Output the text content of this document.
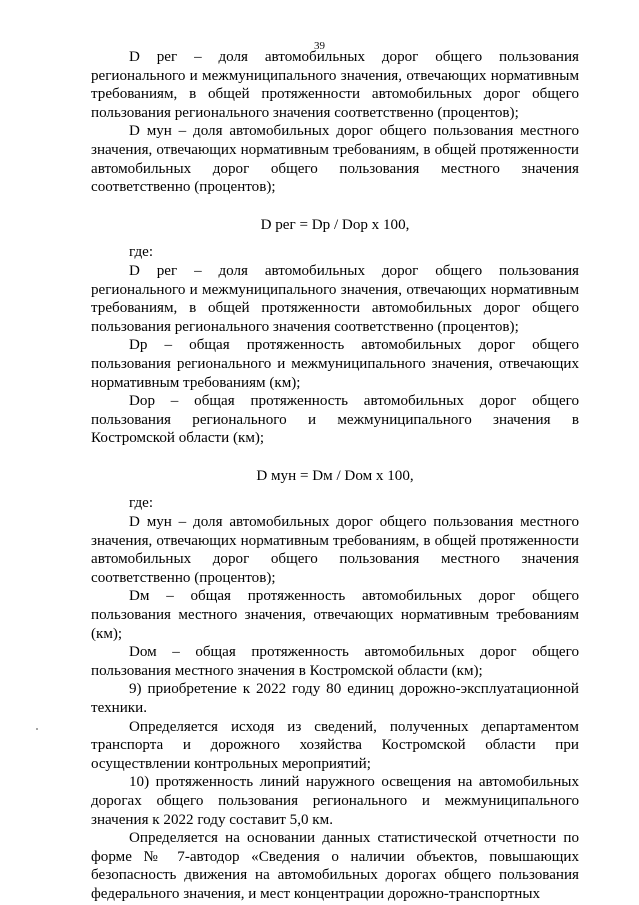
39

D рег – доля автомобильных дорог общего пользования регионального и межмуниципального значения, отвечающих нормативным требованиям, в общей протяженности автомобильных дорог общего пользования регионального значения соответственно (процентов);

D мун – доля автомобильных дорог общего пользования местного значения, отвечающих нормативным требованиям, в общей протяженности автомобильных дорог общего пользования местного значения соответственно (процентов);

D рег = Dр / Dор x 100,

где:

D рег – доля автомобильных дорог общего пользования регионального и межмуниципального значения, отвечающих нормативным требованиям, в общей протяженности автомобильных дорог общего пользования регионального значения соответственно (процентов);

Dр – общая протяженность автомобильных дорог общего пользования регионального и межмуниципального значения, отвечающих нормативным требованиям (км);

Dор – общая протяженность автомобильных дорог общего пользования регионального и межмуниципального значения в Костромской области (км);

D мун = Dм / Dом x 100,

где:

D мун – доля автомобильных дорог общего пользования местного значения, отвечающих нормативным требованиям, в общей протяженности автомобильных дорог общего пользования местного значения соответственно (процентов);

Dм – общая протяженность автомобильных дорог общего пользования местного значения, отвечающих нормативным требованиям (км);

Dом – общая протяженность автомобильных дорог общего пользования местного значения в Костромской области (км);

9) приобретение к 2022 году 80 единиц дорожно-эксплуатационной техники.

Определяется исходя из сведений, полученных департаментом транспорта и дорожного хозяйства Костромской области при осуществлении контрольных мероприятий;

10) протяженность линий наружного освещения на автомобильных дорогах общего пользования регионального и межмуниципального значения к 2022 году составит 5,0 км.

Определяется на основании данных статистической отчетности по форме № 7-автодор «Сведения о наличии объектов, повышающих безопасность движения на автомобильных дорогах общего пользования федерального значения, и мест концентрации дорожно-транспортных
